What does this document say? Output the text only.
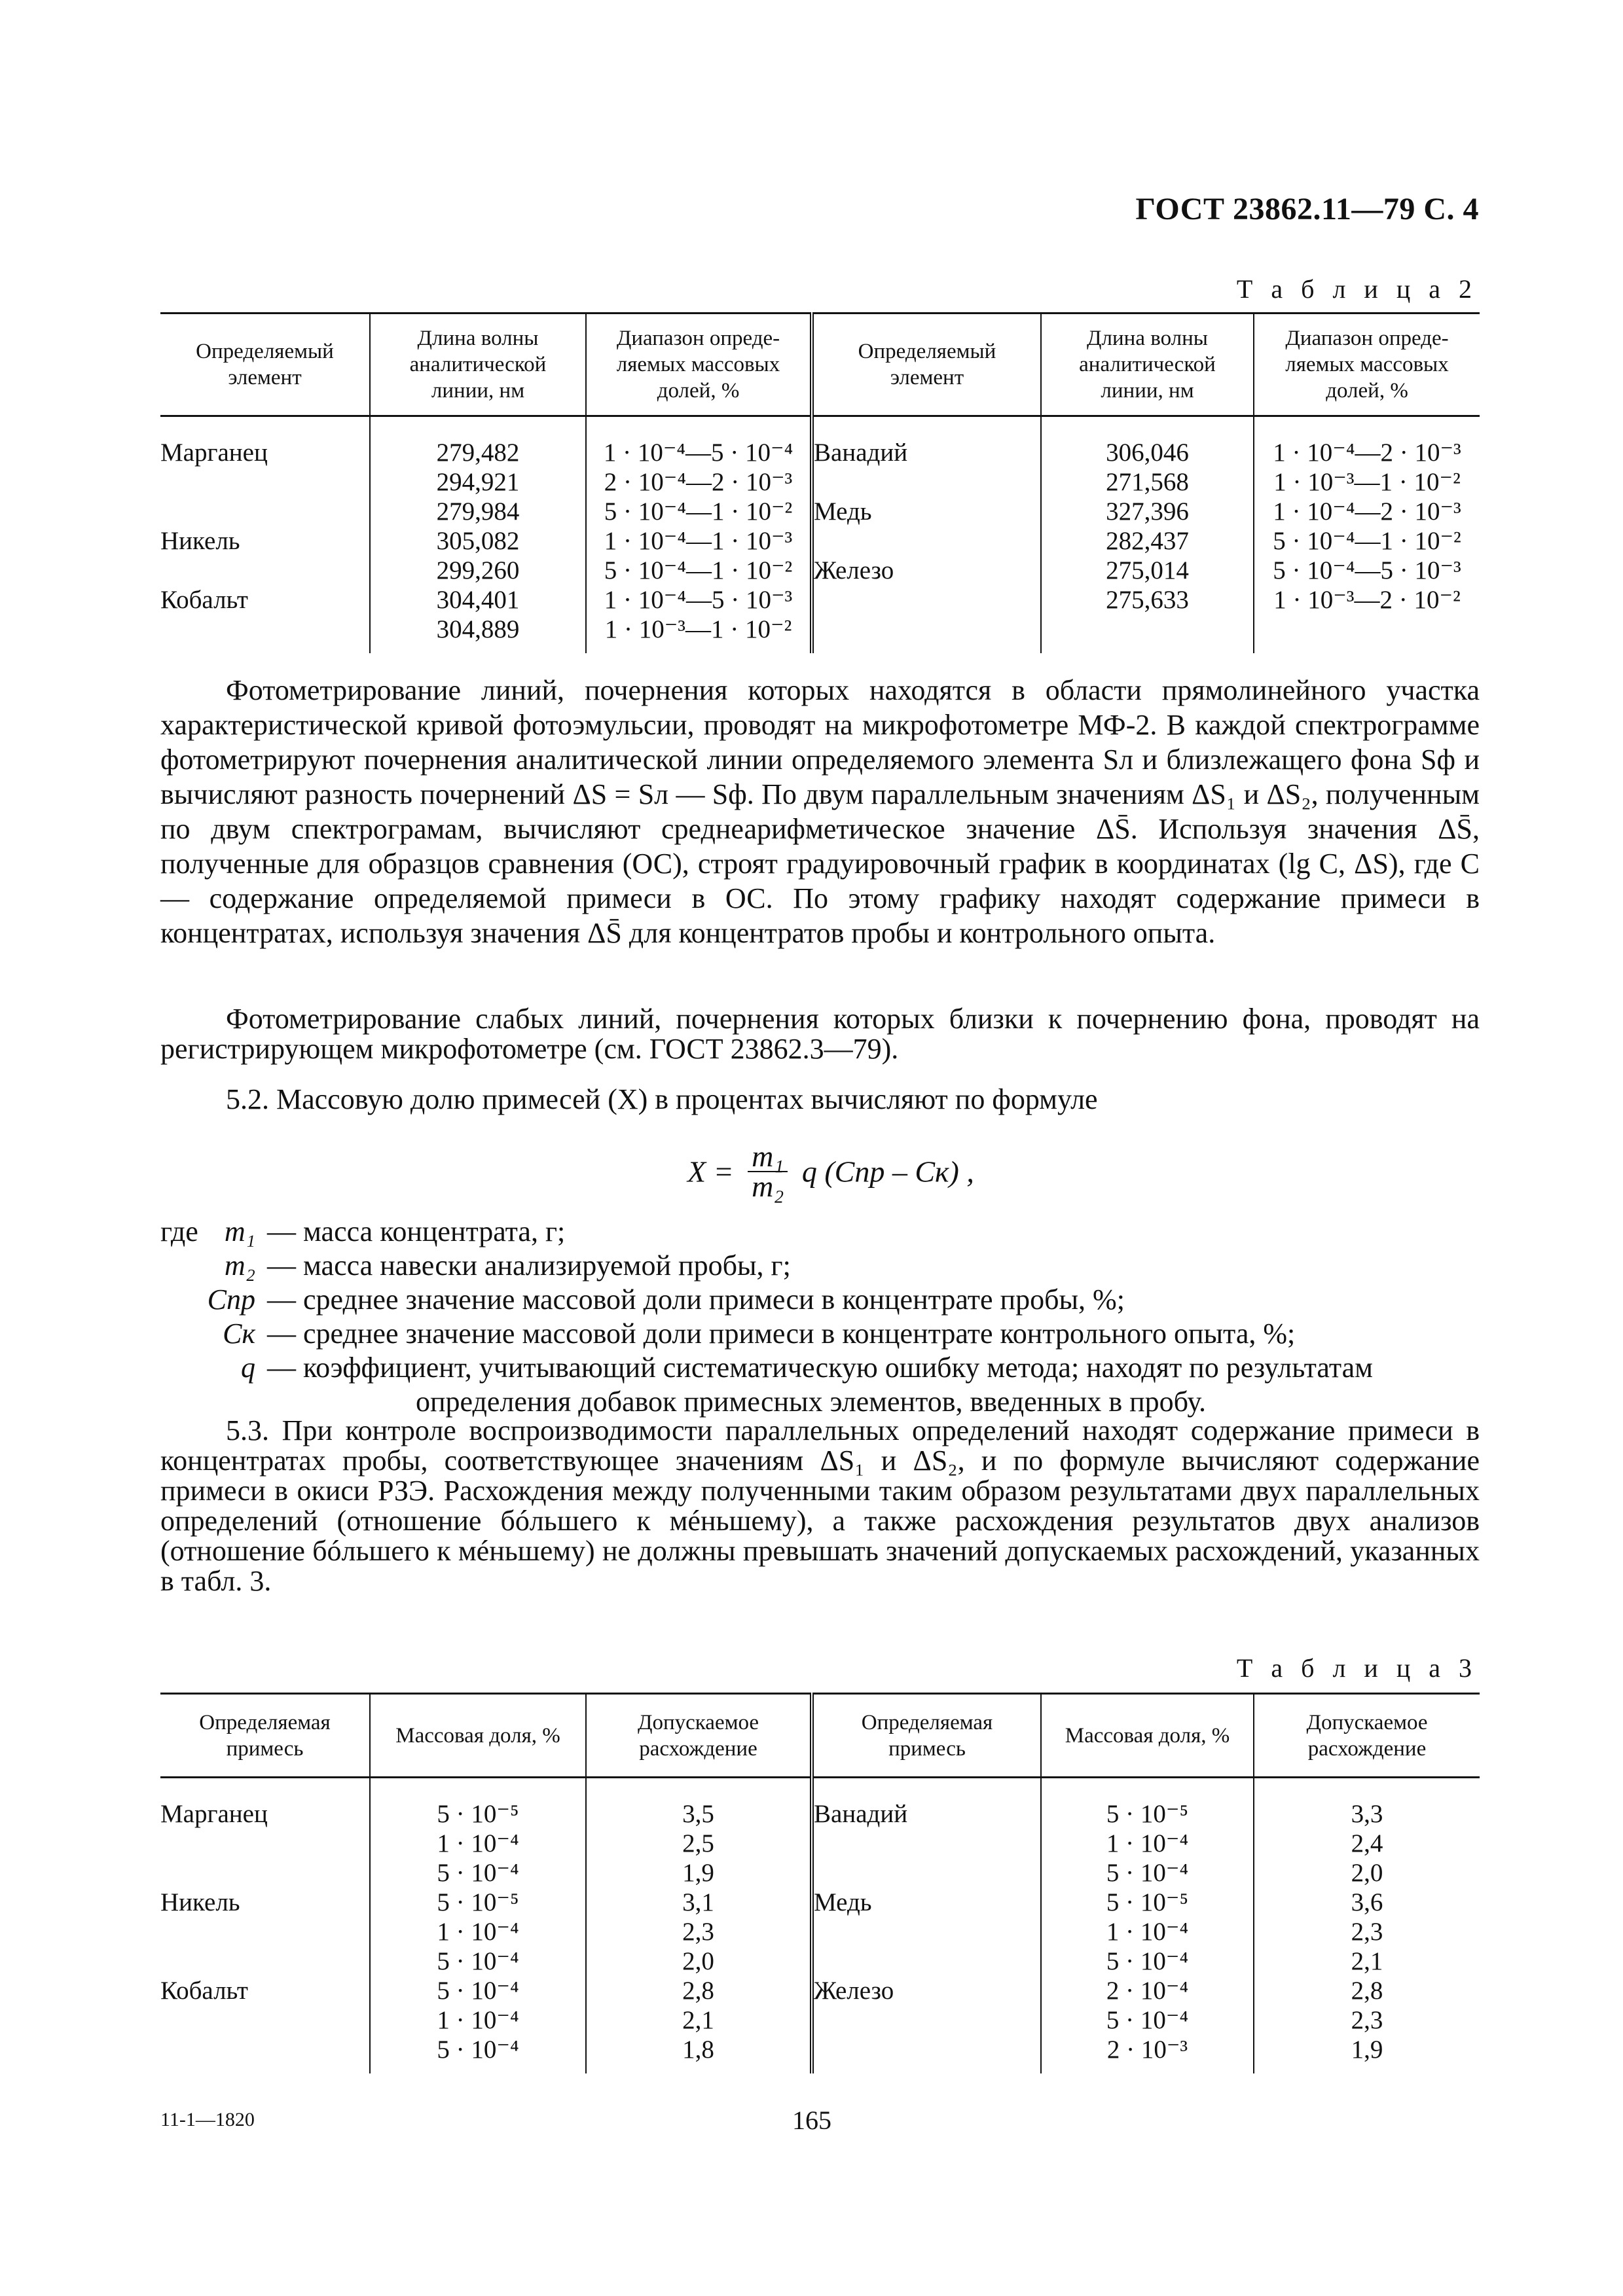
ГОСТ 23862.11—79 С. 4
Т а б л и ц а 2
Определяемый элемент	Длина волны аналитической линии, нм	Диапазон опреде- ляемых массовых долей, %	Определяемый элемент	Длина волны аналитической линии, нм	Диапазон опреде- ляемых массовых долей, %
Марганец	279,482	1 · 10⁻⁴—5 · 10⁻⁴	Ванадий	306,046	1 · 10⁻⁴—2 · 10⁻³
	294,921	2 · 10⁻⁴—2 · 10⁻³		271,568	1 · 10⁻³—1 · 10⁻²
	279,984	5 · 10⁻⁴—1 · 10⁻²	Медь	327,396	1 · 10⁻⁴—2 · 10⁻³
Никель	305,082	1 · 10⁻⁴—1 · 10⁻³		282,437	5 · 10⁻⁴—1 · 10⁻²
	299,260	5 · 10⁻⁴—1 · 10⁻²	Железо	275,014	5 · 10⁻⁴—5 · 10⁻³
Кобальт	304,401	1 · 10⁻⁴—5 · 10⁻³		275,633	1 · 10⁻³—2 · 10⁻²
	304,889	1 · 10⁻³—1 · 10⁻²			

Фотометрирование линий, почернения которых находятся в области прямолинейного участка характеристической кривой фотоэмульсии, проводят на микрофотометре МФ-2. В каждой спектрограмме фотометрируют почернения аналитической линии определяемого элемента Sл и близлежащего фона Sф и вычисляют разность почернений ΔS = Sл — Sф. По двум параллельным значениям ΔS₁ и ΔS₂, полученным по двум спектрограмам, вычисляют среднеарифметическое значение ΔS̄. Используя значения ΔS̄, полученные для образцов сравнения (ОС), строят градуировочный график в координатах (lg C, ΔS), где C — содержание определяемой примеси в ОС. По этому графику находят содержание примеси в концентратах, используя значения ΔS̄ для концентратов пробы и контрольного опыта.

Фотометрирование слабых линий, почернения которых близки к почернению фона, проводят на регистрирующем микрофотометре (см. ГОСТ 23862.3—79).

5.2. Массовую долю примесей (X) в процентах вычисляют по формуле

$X = \frac{\text{m₁}}{\text{m₂}}$ q (Cпр – Cк) ,
где m₁ — масса концентрата, г;
m₂ — масса навески анализируемой пробы, г;
Cпр — среднее значение массовой доли примеси в концентрате пробы, %;
Cк — среднее значение массовой доли примеси в концентрате контрольного опыта, %;
q — коэффициент, учитывающий систематическую ошибку метода; находят по результатам
определения добавок примесных элементов, введенных в пробу.

5.3. При контроле воспроизводимости параллельных определений находят содержание примеси в концентратах пробы, соответствующее значениям ΔS₁ и ΔS₂, и по формуле вычисляют содержание примеси в окиси РЗЭ. Расхождения между полученными таким образом результатами двух параллельных определений (отношение бóльшего к мéньшему), а также расхождения результатов двух анализов (отношение бóльшего к мéньшему) не должны превышать значений допускаемых расхождений, указанных в табл. 3.

Т а б л и ц а 3
Определяемая примесь	Массовая доля, %	Допускаемое расхождение	Определяемая примесь	Массовая доля, %	Допускаемое расхождение
Марганец	5 · 10⁻⁵	3,5	Ванадий	5 · 10⁻⁵	3,3
	1 · 10⁻⁴	2,5		1 · 10⁻⁴	2,4
	5 · 10⁻⁴	1,9		5 · 10⁻⁴	2,0
Никель	5 · 10⁻⁵	3,1	Медь	5 · 10⁻⁵	3,6
	1 · 10⁻⁴	2,3		1 · 10⁻⁴	2,3
	5 · 10⁻⁴	2,0		5 · 10⁻⁴	2,1
Кобальт	5 · 10⁻⁴	2,8	Железо	2 · 10⁻⁴	2,8
	1 · 10⁻⁴	2,1		5 · 10⁻⁴	2,3
	5 · 10⁻⁴	1,8		2 · 10⁻³	1,9
11-1—1820	165
